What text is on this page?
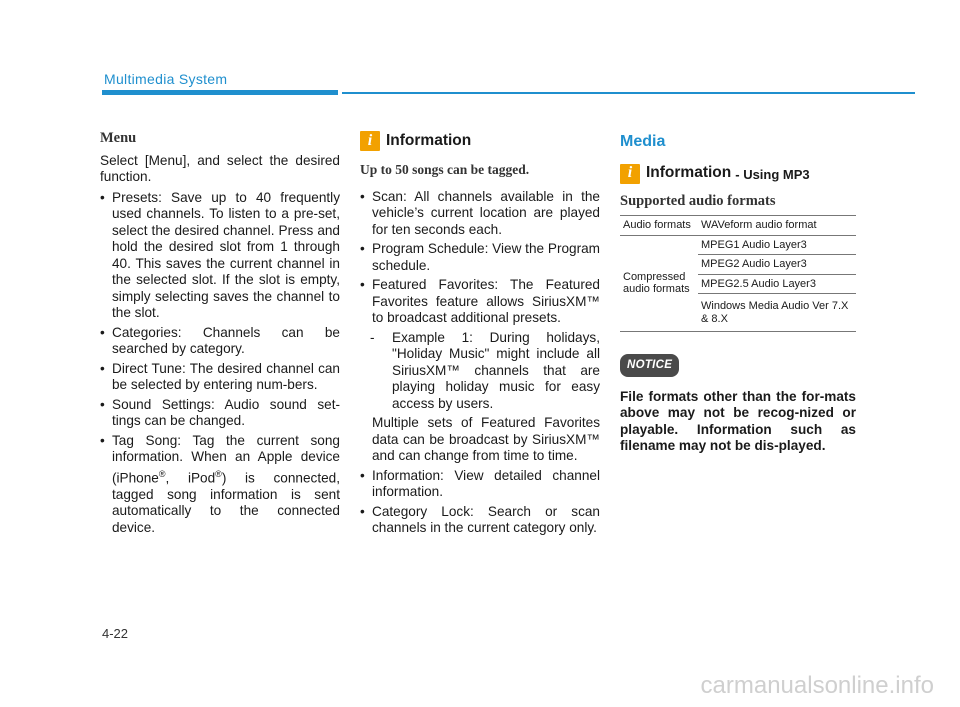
Multimedia System
Menu
Select [Menu], and select the desired function.
• Presets: Save up to 40 frequently used channels. To listen to a pre-set, select the desired channel. Press and hold the desired slot from 1 through 40. This saves the current channel in the selected slot. If the slot is empty, simply selecting saves the channel to the slot.
• Categories: Channels can be searched by category.
• Direct Tune: The desired channel can be selected by entering num-bers.
• Sound Settings: Audio sound set-tings can be changed.
• Tag Song: Tag the current song information. When an Apple device (iPhone®, iPod®) is connected, tagged song information is sent automatically to the connected device.
i Information
Up to 50 songs can be tagged.
• Scan: All channels available in the vehicle’s current location are played for ten seconds each.
• Program Schedule: View the Program schedule.
• Featured Favorites: The Featured Favorites feature allows SiriusXM™ to broadcast additional presets.
- Example 1: During holidays, "Holiday Music" might include all SiriusXM™ channels that are playing holiday music for easy access by users.
Multiple sets of Featured Favorites data can be broadcast by SiriusXM™ and can change from time to time.
• Information: View detailed channel information.
• Category Lock: Search or scan channels in the current category only.
Media
i Information - Using MP3
Supported audio formats
Audio formats	WAVeform audio format
Compressed audio formats	MPEG1 Audio Layer3
	MPEG2 Audio Layer3
	MPEG2.5 Audio Layer3
	Windows Media Audio Ver 7.X & 8.X
NOTICE
File formats other than the for-mats above may not be recog-nized or playable. Information such as filename may not be dis-played.
4-22
carmanualsonline.info
